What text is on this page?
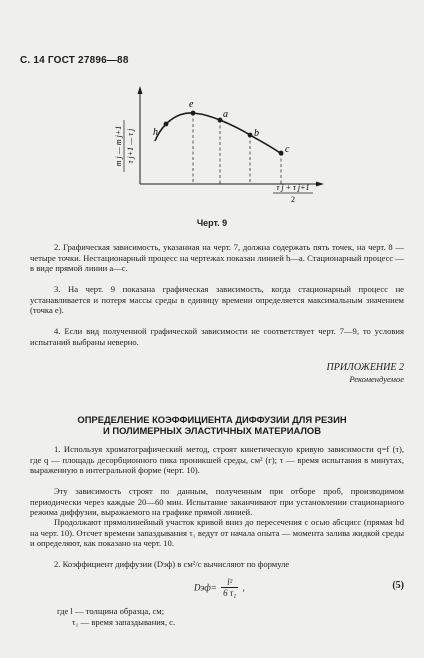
С. 14 ГОСТ 27896—88
h
e
a
b
c
m j — m j+1 τ j+1 — τ j
τ j + τ j+1
2
Черт. 9
2. Графическая зависимость, указанная на черт. 7, должна содержать пять точек, на черт. 8 — четыре точки. Нестационарный процесс на чертежах показан линией h—a. Стационарный процесс — в виде прямой линии a—c.
3. На черт. 9 показана графическая зависимость, когда стационарный процесс не устанавливается и потеря массы среды в единицу времени определяется максимальным значением (точка e).
4. Если вид полученной графической зависимости не соответствует черт. 7—9, то условия испытаний выбраны неверно.
ПРИЛОЖЕНИЕ 2
Рекомендуемое
ОПРЕДЕЛЕНИЕ КОЭФФИЦИЕНТА ДИФФУЗИИ ДЛЯ РЕЗИН
И ПОЛИМЕРНЫХ ЭЛАСТИЧНЫХ МАТЕРИАЛОВ
1. Используя хроматографический метод, строят кинетическую кривую зависимости q=f (τ), где q — площадь десорбционного пика проникшей среды, см² (г); τ — время испытания в минутах, выраженную в интегральной форме (черт. 10).
Эту зависимость строят по данным, полученным при отборе проб, производимом периодически через каждые 20—60 мин. Испытание заканчивают при установлении стационарного режима диффузии, выражаемого на графике прямой линией.
Продолжают прямолинейный участок кривой вниз до пересечения с осью абсцисс (прямая bd на черт. 10). Отсчет времени запаздывания τ₁ ведут от начала опыта — момента залива жидкой среды и определяют, как показано на черт. 10.
2. Коэффициент диффузии (Dэф) в см²/с вычисляют по формуле
$Dэф= \frac{\text{l²}}{\text{6 τ₁}}$ ,	(5)
где l — толщина образца, см;
τ₁ — время запаздывания, с.
